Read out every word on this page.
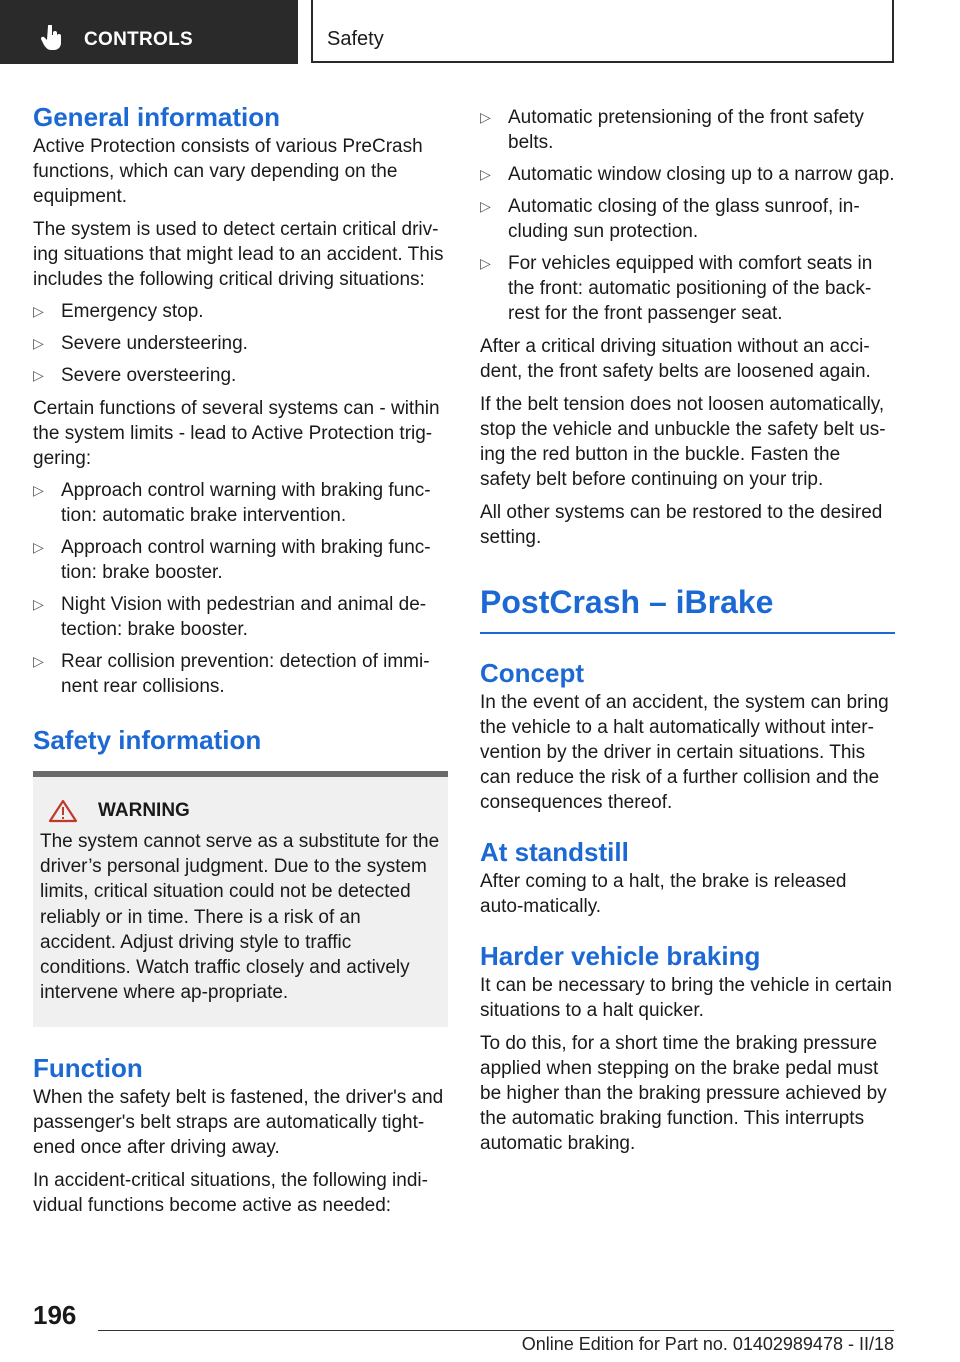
CONTROLS	Safety
General information

Active Protection consists of various PreCrash functions, which can vary depending on the equipment.

The system is used to detect certain critical driv-ing situations that might lead to an accident. This includes the following critical driving situations:

▷ Emergency stop.
▷ Severe understeering.
▷ Severe oversteering.

Certain functions of several systems can - within the system limits - lead to Active Protection trig-gering:

▷ Approach control warning with braking func-tion: automatic brake intervention.
▷ Approach control warning with braking func-tion: brake booster.
▷ Night Vision with pedestrian and animal de-tection: brake booster.
▷ Rear collision prevention: detection of immi-nent rear collisions.
Safety information
WARNING

The system cannot serve as a substitute for the driver’s personal judgment. Due to the system limits, critical situation could not be detected reliably or in time. There is a risk of an accident. Adjust driving style to traffic conditions. Watch traffic closely and actively intervene where ap-propriate.

Function

When the safety belt is fastened, the driver's and passenger's belt straps are automatically tight-ened once after driving away.

In accident-critical situations, the following indi-vidual functions become active as needed:

▷ Automatic pretensioning of the front safety belts.
▷ Automatic window closing up to a narrow gap.
▷ Automatic closing of the glass sunroof, in-cluding sun protection.
▷ For vehicles equipped with comfort seats in the front: automatic positioning of the back-rest for the front passenger seat.

After a critical driving situation without an acci-dent, the front safety belts are loosened again.

If the belt tension does not loosen automatically, stop the vehicle and unbuckle the safety belt us-ing the red button in the buckle. Fasten the safety belt before continuing on your trip.

All other systems can be restored to the desired setting.

PostCrash – iBrake
Concept

In the event of an accident, the system can bring the vehicle to a halt automatically without inter-vention by the driver in certain situations. This can reduce the risk of a further collision and the consequences thereof.

At standstill

After coming to a halt, the brake is released auto-matically.

Harder vehicle braking

It can be necessary to bring the vehicle in certain situations to a halt quicker.

To do this, for a short time the braking pressure applied when stepping on the brake pedal must be higher than the braking pressure achieved by the automatic braking function. This interrupts automatic braking.

196
Online Edition for Part no. 01402989478 - II/18
